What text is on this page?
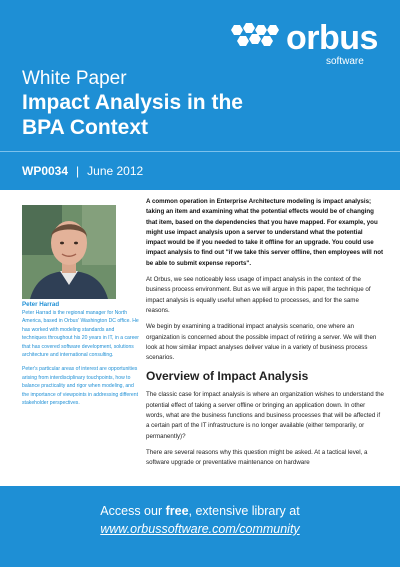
orbus
software
White Paper
Impact Analysis in the BPA Context
WP0034 | June 2012
Peter Harrad

Peter Harrad is the regional manager for North America, based in Orbus' Washington DC office. He has worked with modeling standards and techniques throughout his 20 years in IT, in a career that has covered software development, solutions architecture and international consulting.

Peter's particular areas of interest are opportunities arising from interdisciplinary touchpoints, how to balance practicality and rigor when modeling, and the importance of viewpoints in addressing different stakeholder perspectives.

A common operation in Enterprise Architecture modeling is impact analysis; taking an item and examining what the potential effects would be of changing that item, based on the dependencies that you have mapped. For example, you might use impact analysis upon a server to understand what the potential impact would be if you needed to take it offline for an upgrade. You could use impact analysis to find out "if we take this server offline, then employees will not be able to submit expense reports".

At Orbus, we see noticeably less usage of impact analysis in the context of the business process environment. But as we will argue in this paper, the technique of impact analysis is equally useful when applied to processes, and for the same reasons.

We begin by examining a traditional impact analysis scenario, one where an organization is concerned about the possible impact of retiring a server. We will then look at how similar impact analyses deliver value in a variety of business process scenarios.

Overview of Impact Analysis

The classic case for impact analysis is where an organization wishes to understand the potential effect of taking a server offline or bringing an application down. In other words, what are the business functions and business processes that will be affected if a certain part of the IT infrastructure is no longer available (either temporarily, or permanently)?

There are several reasons why this question might be asked. At a tactical level, a software upgrade or preventative maintenance on hardware

Access our free, extensive library at
www.orbussoftware.com/community
